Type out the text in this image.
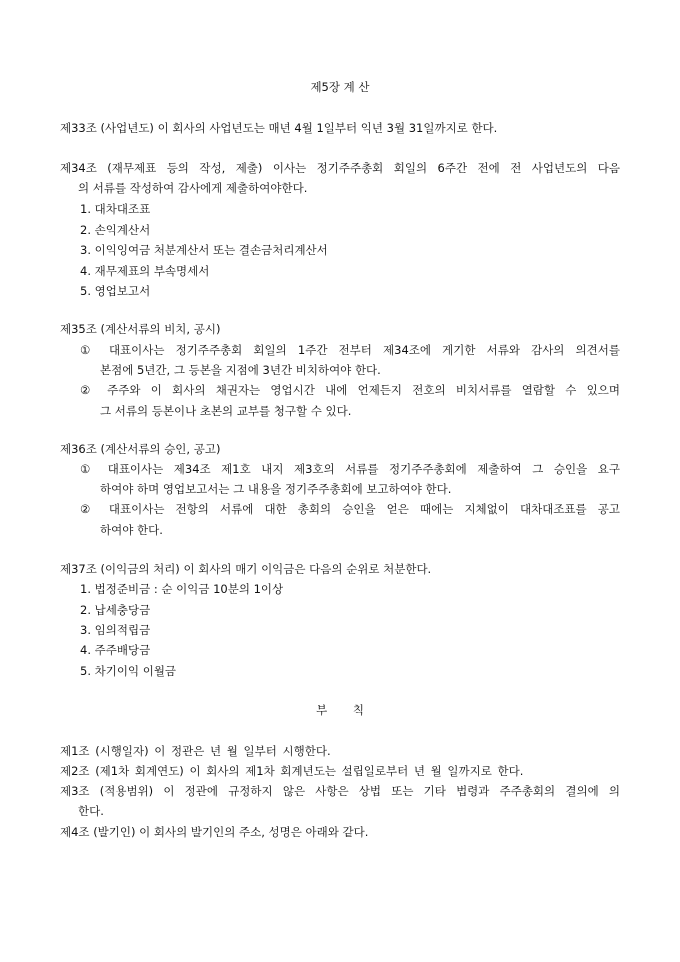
제5장 계 산
제33조 (사업년도) 이 회사의 사업년도는 매년 4월 1일부터 익년 3월 31일까지로 한다.
제34조 (재무제표 등의 작성, 제출) 이사는 정기주주총회 회일의 6주간 전에 전 사업년도의 다음
의 서류를 작성하여 감사에게 제출하여야한다.
1. 대차대조표
2. 손익계산서
3. 이익잉여금 처분계산서 또는 결손금처리계산서
4. 재무제표의 부속명세서
5. 영업보고서
제35조 (계산서류의 비치, 공시)
① 대표이사는 정기주주총회 회일의 1주간 전부터 제34조에 게기한 서류와 감사의 의견서를
본점에 5년간, 그 등본을 지점에 3년간 비치하여야 한다.
② 주주와 이 회사의 채권자는 영업시간 내에 언제든지 전호의 비치서류를 열람할 수 있으며
그 서류의 등본이나 초본의 교부를 청구할 수 있다.
제36조 (계산서류의 승인, 공고)
① 대표이사는 제34조 제1호 내지 제3호의 서류를 정기주주총회에 제출하여 그 승인을 요구
하여야 하며 영업보고서는 그 내용을 정기주주총회에 보고하여야 한다.
② 대표이사는 전항의 서류에 대한 총회의 승인을 얻은 때에는 지체없이 대차대조표를 공고
하여야 한다.
제37조 (이익금의 처리) 이 회사의 매기 이익금은 다음의 순위로 처분한다.
1. 법정준비금 : 순 이익금 10분의 1이상
2. 납세충당금
3. 임의적립금
4. 주주배당금
5. 차기이익 이월금
부 칙
제1조 (시행일자) 이 정관은 년 월 일부터 시행한다.
제2조 (제1차 회계연도) 이 회사의 제1차 회계년도는 설립일로부터 년 월 일까지로 한다.
제3조 (적용범위) 이 정관에 규정하지 않은 사항은 상법 또는 기타 법령과 주주총회의 결의에 의
한다.
제4조 (발기인) 이 회사의 발기인의 주소, 성명은 아래와 같다.
